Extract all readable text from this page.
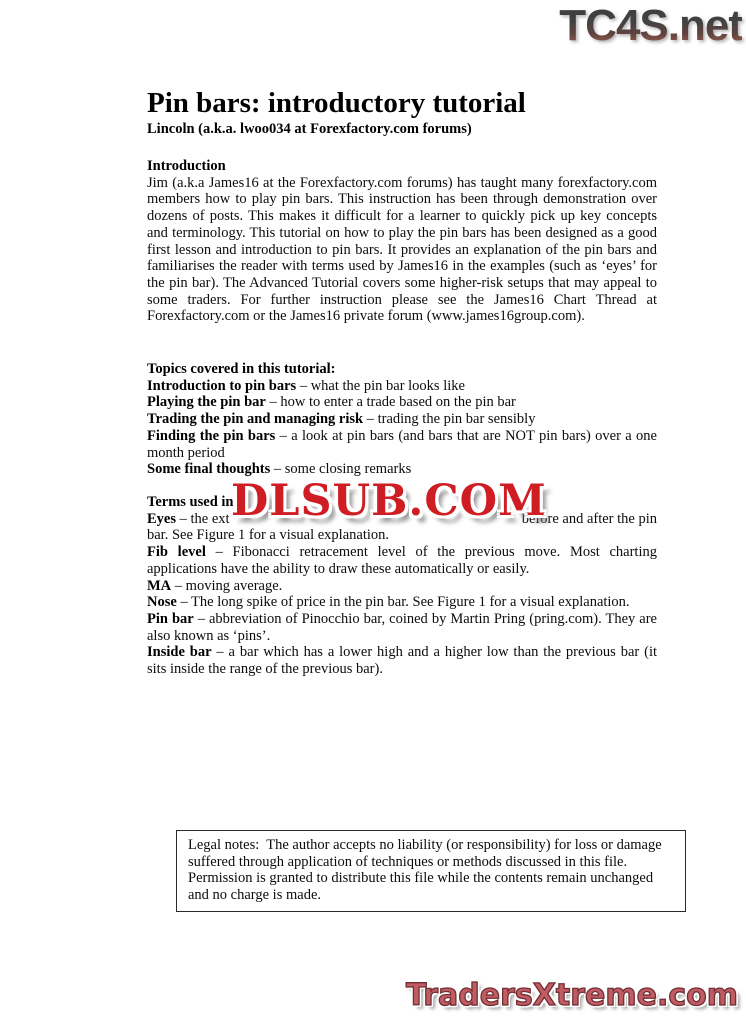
TC4S.net
Pin bars: introductory tutorial

Lincoln (a.k.a. lwoo034 at Forexfactory.com forums)

Introduction

Jim (a.k.a James16 at the Forexfactory.com forums) has taught many forexfactory.com members how to play pin bars. This instruction has been through demonstration over dozens of posts. This makes it difficult for a learner to quickly pick up key concepts and terminology. This tutorial on how to play the pin bars has been designed as a good first lesson and introduction to pin bars. It provides an explanation of the pin bars and familiarises the reader with terms used by James16 in the examples (such as ‘eyes’ for the pin bar). The Advanced Tutorial covers some higher-risk setups that may appeal to some traders. For further instruction please see the James16 Chart Thread at Forexfactory.com or the James16 private forum (www.james16group.com).

Topics covered in this tutorial:

Introduction to pin bars – what the pin bar looks like

Playing the pin bar – how to enter a trade based on the pin bar

Trading the pin and managing risk – trading the pin bar sensibly

Finding the pin bars – a look at pin bars (and bars that are NOT pin bars) over a one month period

Some final thoughts – some closing remarks

Terms used in

Eyes – the ext	before and after the pin

bar. See Figure 1 for a visual explanation.

Fib level – Fibonacci retracement level of the previous move. Most charting applications have the ability to draw these automatically or easily.

MA – moving average.

Nose – The long spike of price in the pin bar. See Figure 1 for a visual explanation.

Pin bar – abbreviation of Pinocchio bar, coined by Martin Pring (pring.com). They are also known as ‘pins’.

Inside bar – a bar which has a lower high and a higher low than the previous bar (it sits inside the range of the previous bar).

DLSUB.COM

Legal notes:  The author accepts no liability (or responsibility) for loss or damage suffered through application of techniques or methods discussed in this file. Permission is granted to distribute this file while the contents remain unchanged and no charge is made.

TradersXtreme.com
